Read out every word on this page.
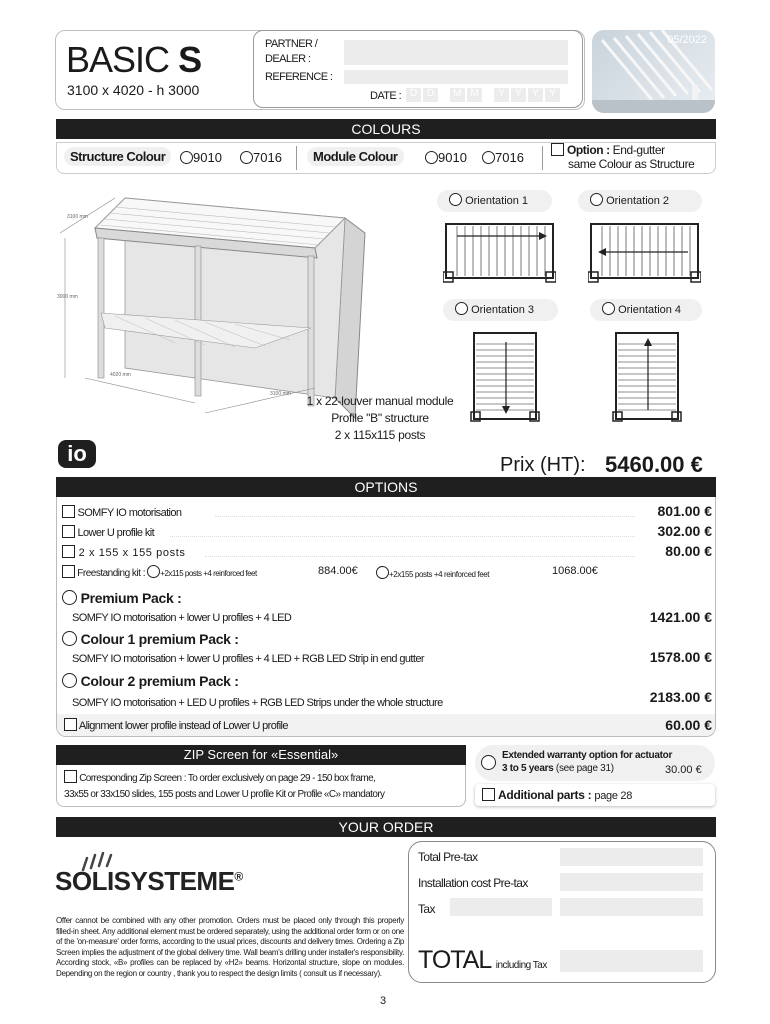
BASIC S
3100 x 4020 - h 3000
PARTNER /
DEALER :
REFERENCE :
DATE : D D	M M	Y	Y	Y	Y
05/2022
COLOURS
Structure Colour	9010	7016	Module Colour	9010	7016	Option : End-gutter
same Colour as Structure
3000 mm
4020 mm
3100 mm
3100 mm
1 x 22-louver manual module
Profile "B" structure
2 x 115x115 posts
Orientation 1	Orientation 2
Orientation 3	Orientation 4
io	Prix (HT): 5460.00 €
OPTIONS
SOMFY IO motorisation	801.00 €
Lower U profile kit	302.00 €
2 x 155 x 155 posts	80.00 €
Freestanding kit : +2x115 posts +4 reinforced feet	884.00€	+2x155 posts +4 reinforced feet	1068.00€
Premium Pack :
SOMFY IO motorisation + lower U profiles + 4 LED	1421.00 €
Colour 1 premium Pack :
SOMFY IO motorisation + lower U profiles + 4 LED + RGB LED Strip in end gutter	1578.00 €
Colour 2 premium Pack :
SOMFY IO motorisation + LED U profiles + RGB LED Strips under the whole structure	2183.00 €
Alignment lower profile instead of Lower U profile	60.00 €
ZIP Screen for «Essential»
Corresponding Zip Screen : To order exclusively on page 29 - 150 box frame,
33x55 or 33x150 slides, 155 posts and Lower U profile Kit or Profile «C» mandatory
Extended warranty option for actuator
3 to 5 years (see page 31)	30.00 €
Additional parts : page 28
YOUR ORDER
SOLISYSTEME®
Offer cannot be combined with any other promotion. Orders must be placed only through this properly filled-in sheet. Any additional element must be ordered separately, using the additional order form or on one of the 'on-measure' order forms, according to the usual prices, discounts and delivery times. Ordering a Zip Screen implies the adjustment of the global delivery time. Wall beam's drilling under installer's responsibility. According stock, «B» profiles can be replaced by «H2» beams. Horizontal structure, slope on modules. Depending on the region or country , thank you to respect the design limits ( consult us if necessary).
Total Pre-tax
Installation cost Pre-tax
Tax
TOTAL including Tax
3
